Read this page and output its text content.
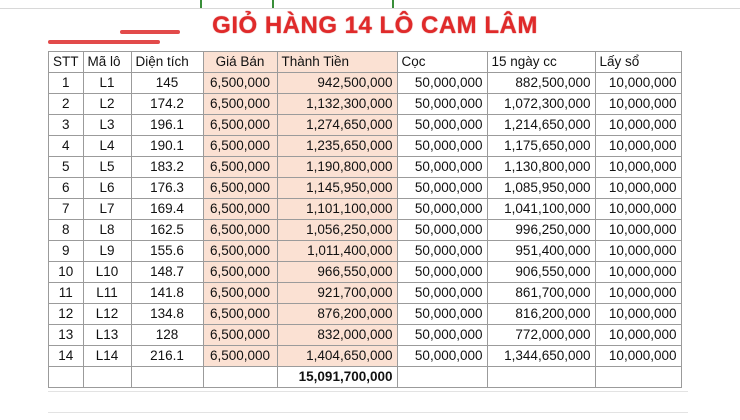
GIỎ HÀNG 14 LÔ CAM LÂM
STT	Mã lô	Diện tích	Giá Bán	Thành Tiền	Cọc	15 ngày cc	Lấy sổ
1	L1	145	6,500,000	942,500,000	50,000,000	882,500,000	10,000,000
2	L2	174.2	6,500,000	1,132,300,000	50,000,000	1,072,300,000	10,000,000
3	L3	196.1	6,500,000	1,274,650,000	50,000,000	1,214,650,000	10,000,000
4	L4	190.1	6,500,000	1,235,650,000	50,000,000	1,175,650,000	10,000,000
5	L5	183.2	6,500,000	1,190,800,000	50,000,000	1,130,800,000	10,000,000
6	L6	176.3	6,500,000	1,145,950,000	50,000,000	1,085,950,000	10,000,000
7	L7	169.4	6,500,000	1,101,100,000	50,000,000	1,041,100,000	10,000,000
8	L8	162.5	6,500,000	1,056,250,000	50,000,000	996,250,000	10,000,000
9	L9	155.6	6,500,000	1,011,400,000	50,000,000	951,400,000	10,000,000
10	L10	148.7	6,500,000	966,550,000	50,000,000	906,550,000	10,000,000
11	L11	141.8	6,500,000	921,700,000	50,000,000	861,700,000	10,000,000
12	L12	134.8	6,500,000	876,200,000	50,000,000	816,200,000	10,000,000
13	L13	128	6,500,000	832,000,000	50,000,000	772,000,000	10,000,000
14	L14	216.1	6,500,000	1,404,650,000	50,000,000	1,344,650,000	10,000,000
				15,091,700,000			
